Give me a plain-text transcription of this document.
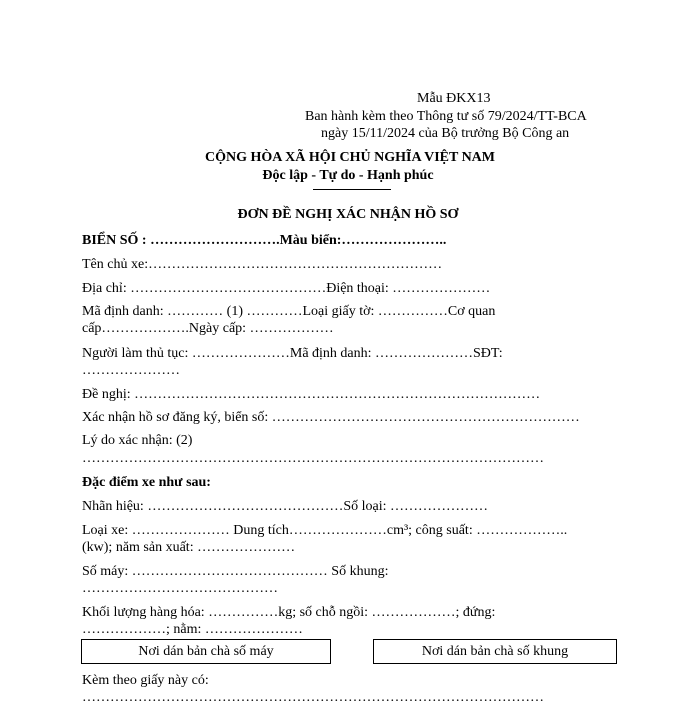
Mẫu ĐKX13
Ban hành kèm theo Thông tư số 79/2024/TT-BCA
ngày 15/11/2024 của Bộ trưởng Bộ Công an
CỘNG HÒA XÃ HỘI CHỦ NGHĨA VIỆT NAM
Độc lập - Tự do - Hạnh phúc
ĐƠN ĐỀ NGHỊ XÁC NHẬN HỒ SƠ
BIỂN SỐ : ……………………….Màu biển:…………………..
Tên chủ xe:………………………………………………………
Địa chỉ: ……………………………………Điện thoại: …………………
Mã định danh: ………… (1) …………Loại giấy tờ: ……………Cơ quan
cấp……………….Ngày cấp: ………………
Người làm thủ tục: …………………Mã định danh: …………………SĐT:
…………………
Đề nghị: ……………………………………………………………………………
Xác nhận hồ sơ đăng ký, biển số: …………………………………………………………
Lý do xác nhận: (2)
………………………………………………………………………………………
Đặc điểm xe như sau:
Nhãn hiệu: ……………………………………Số loại: …………………
Loại xe: ………………… Dung tích…………………cm³; công suất: ………………..
(kw); năm sản xuất: …………………
Số máy: …………………………………… Số khung:
……………………………………
Khối lượng hàng hóa: ……………kg; số chỗ ngồi: ………………; đứng:
………………; nằm: …………………
Nơi dán bản chà số máy	Nơi dán bản chà số khung
Kèm theo giấy này có:
………………………………………………………………………………………
